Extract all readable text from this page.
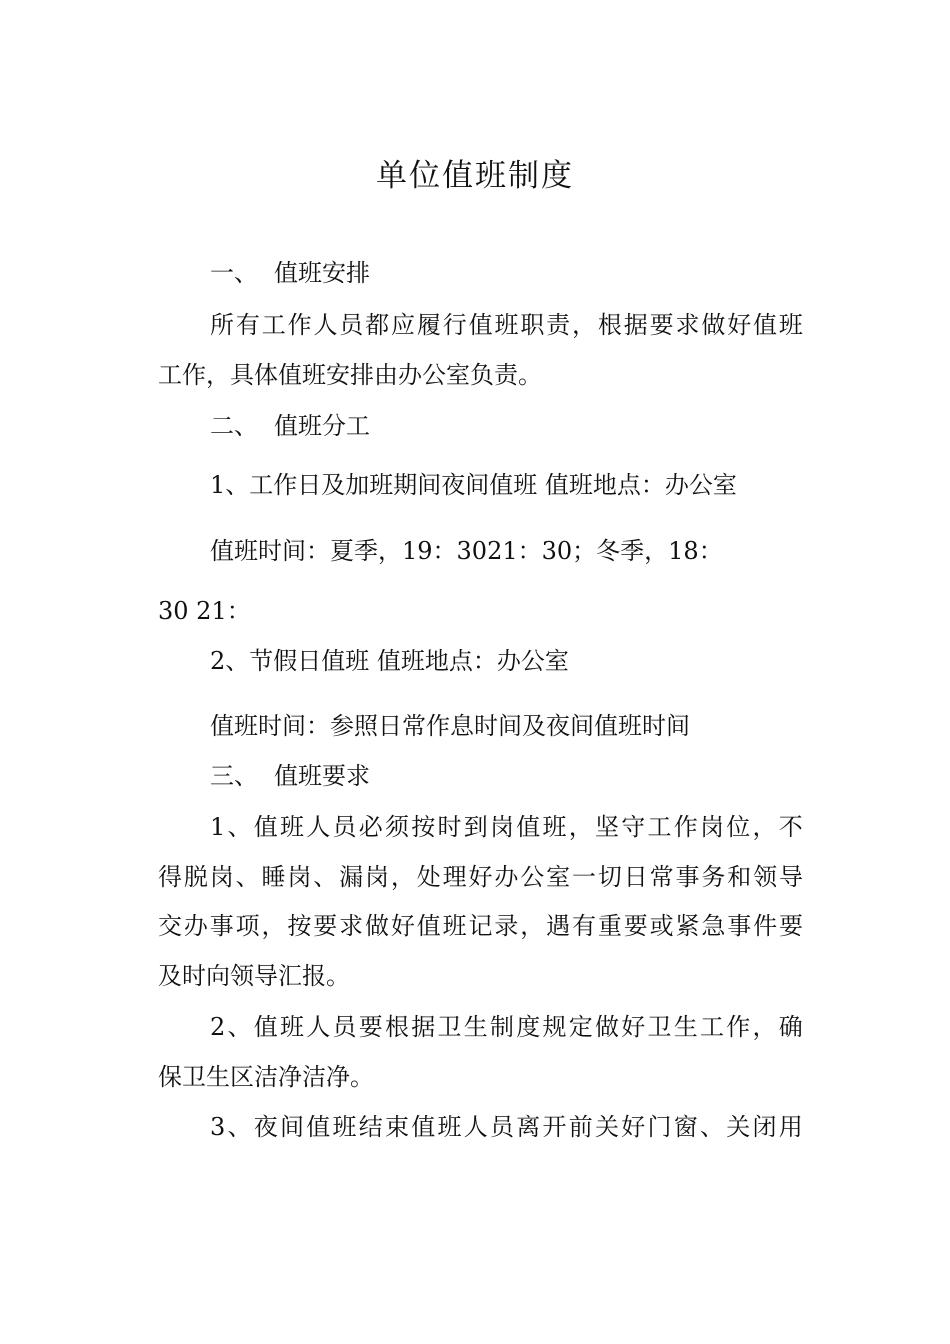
单位值班制度
一、 值班安排
所 有 工 作 人 员 都 应 履 行 值 班 职 责 ， 根 据 要 求 做 好 值 班
工作，具体值班安排由办公室负责。
二、 值班分工
1、工作日及加班期间夜间值班 值班地点：办公室
值班时间：夏季，19：3021：30；冬季，18：
30 21：
2、节假日值班 值班地点：办公室
值班时间：参照日常作息时间及夜间值班时间
三、 值班要求
1 、 值 班 人 员 必 须 按 时 到 岗 值 班 ， 坚 守 工 作 岗 位 ， 不
得 脱 岗 、 睡 岗 、 漏 岗 ， 处 理 好 办 公 室 一 切 日 常 事 务 和 领 导
交 办 事 项 ， 按 要 求 做 好 值 班 记 录 ， 遇 有 重 要 或 紧 急 事 件 要
及时向领导汇报。
2 、 值 班 人 员 要 根 据 卫 生 制 度 规 定 做 好 卫 生 工 作 ， 确
保卫生区洁净洁净。
3 、 夜 间 值 班 结 束 值 班 人 员 离 开 前 关 好 门 窗 、 关 闭 用
